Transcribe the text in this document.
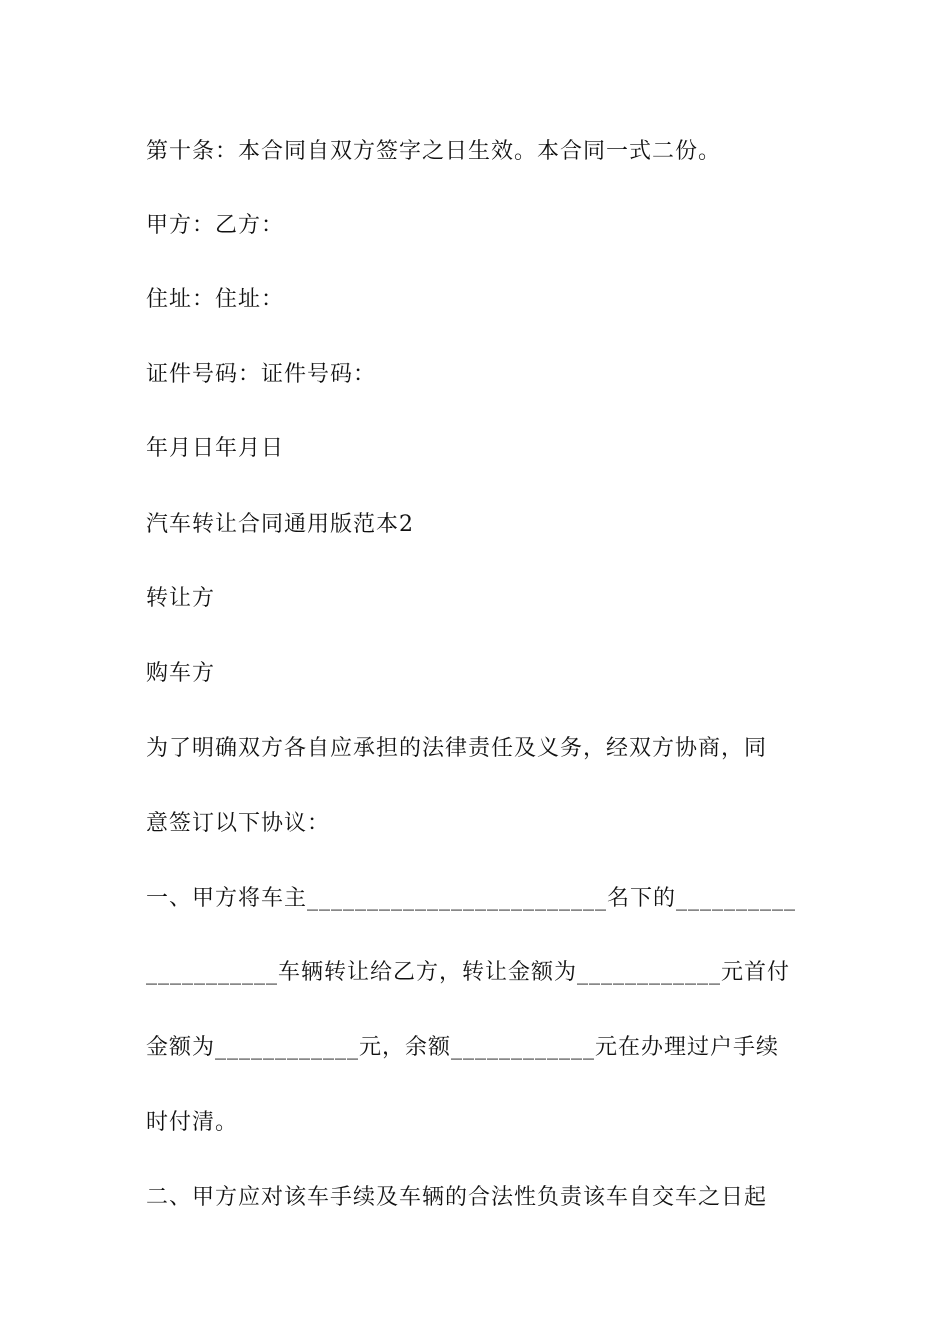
第十条：本合同自双方签字之日生效。本合同一式二份。
甲方：乙方：
住址：住址：
证件号码：证件号码：
年月日年月日
汽车转让合同通用版范本2
转让方
购车方
为了明确双方各自应承担的法律责任及义务，经双方协商，同
意签订以下协议：
一、甲方将车主_________________________名下的__________
___________车辆转让给乙方，转让金额为____________元首付
金额为____________元，余额____________元在办理过户手续
时付清。
二、甲方应对该车手续及车辆的合法性负责该车自交车之日起
